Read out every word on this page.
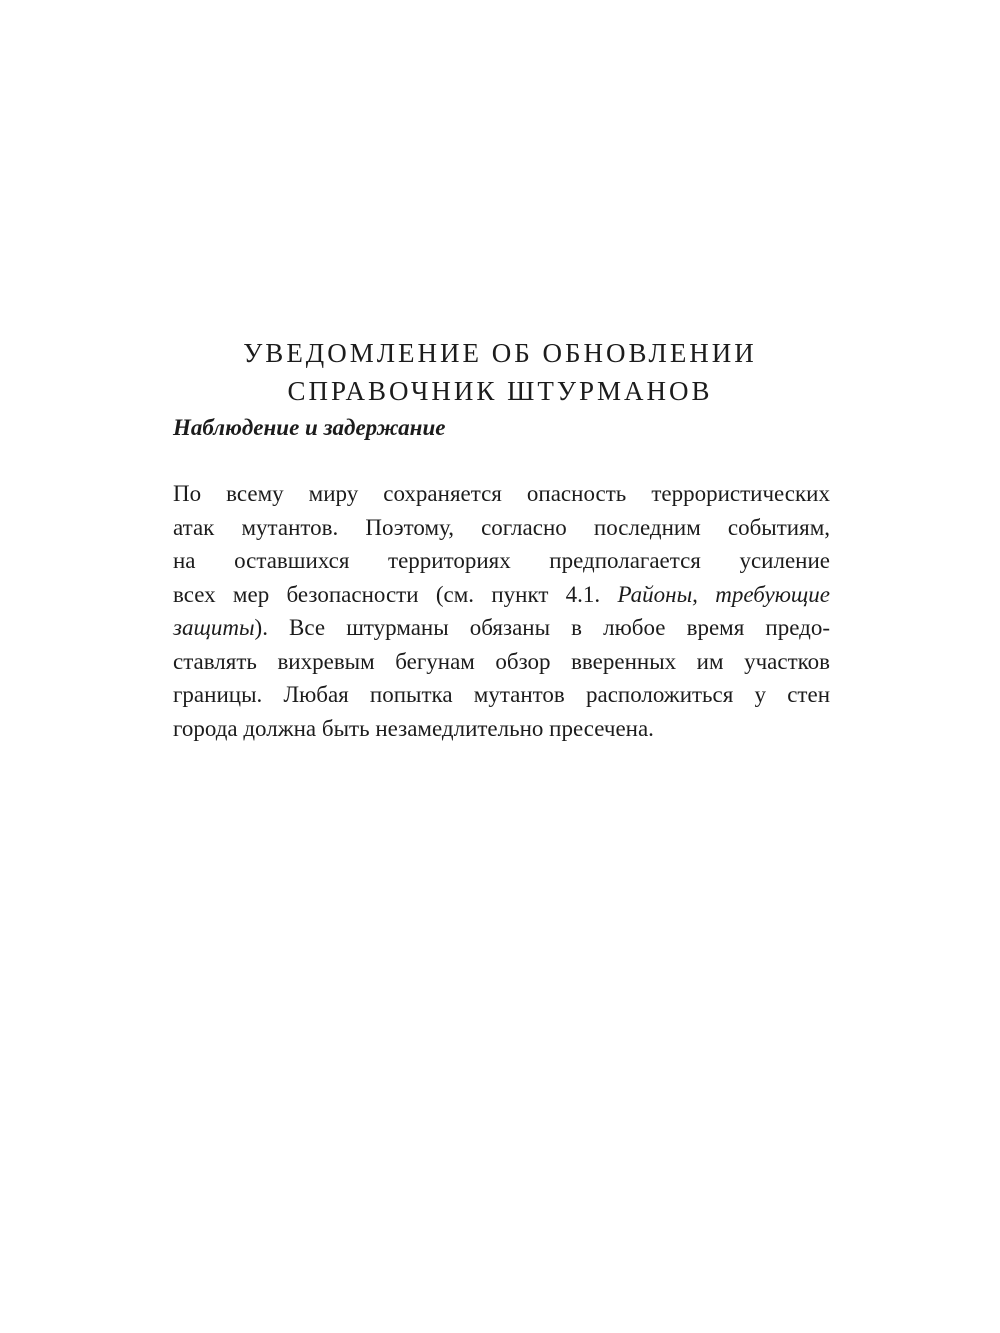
УВЕДОМЛЕНИЕ ОБ ОБНОВЛЕНИИ
СПРАВОЧНИК ШТУРМАНОВ
Наблюдение и задержание
По всему миру сохраняется опасность террористических
атак мутантов. Поэтому, согласно последним событиям,
на оставшихся территориях предполагается усиление
всех мер безопасности (см. пункт 4.1. Районы, требующие
защиты). Все штурманы обязаны в любое время предо-
ставлять вихревым бегунам обзор вверенных им участков
границы. Любая попытка мутантов расположиться у стен
города должна быть незамедлительно пресечена.
